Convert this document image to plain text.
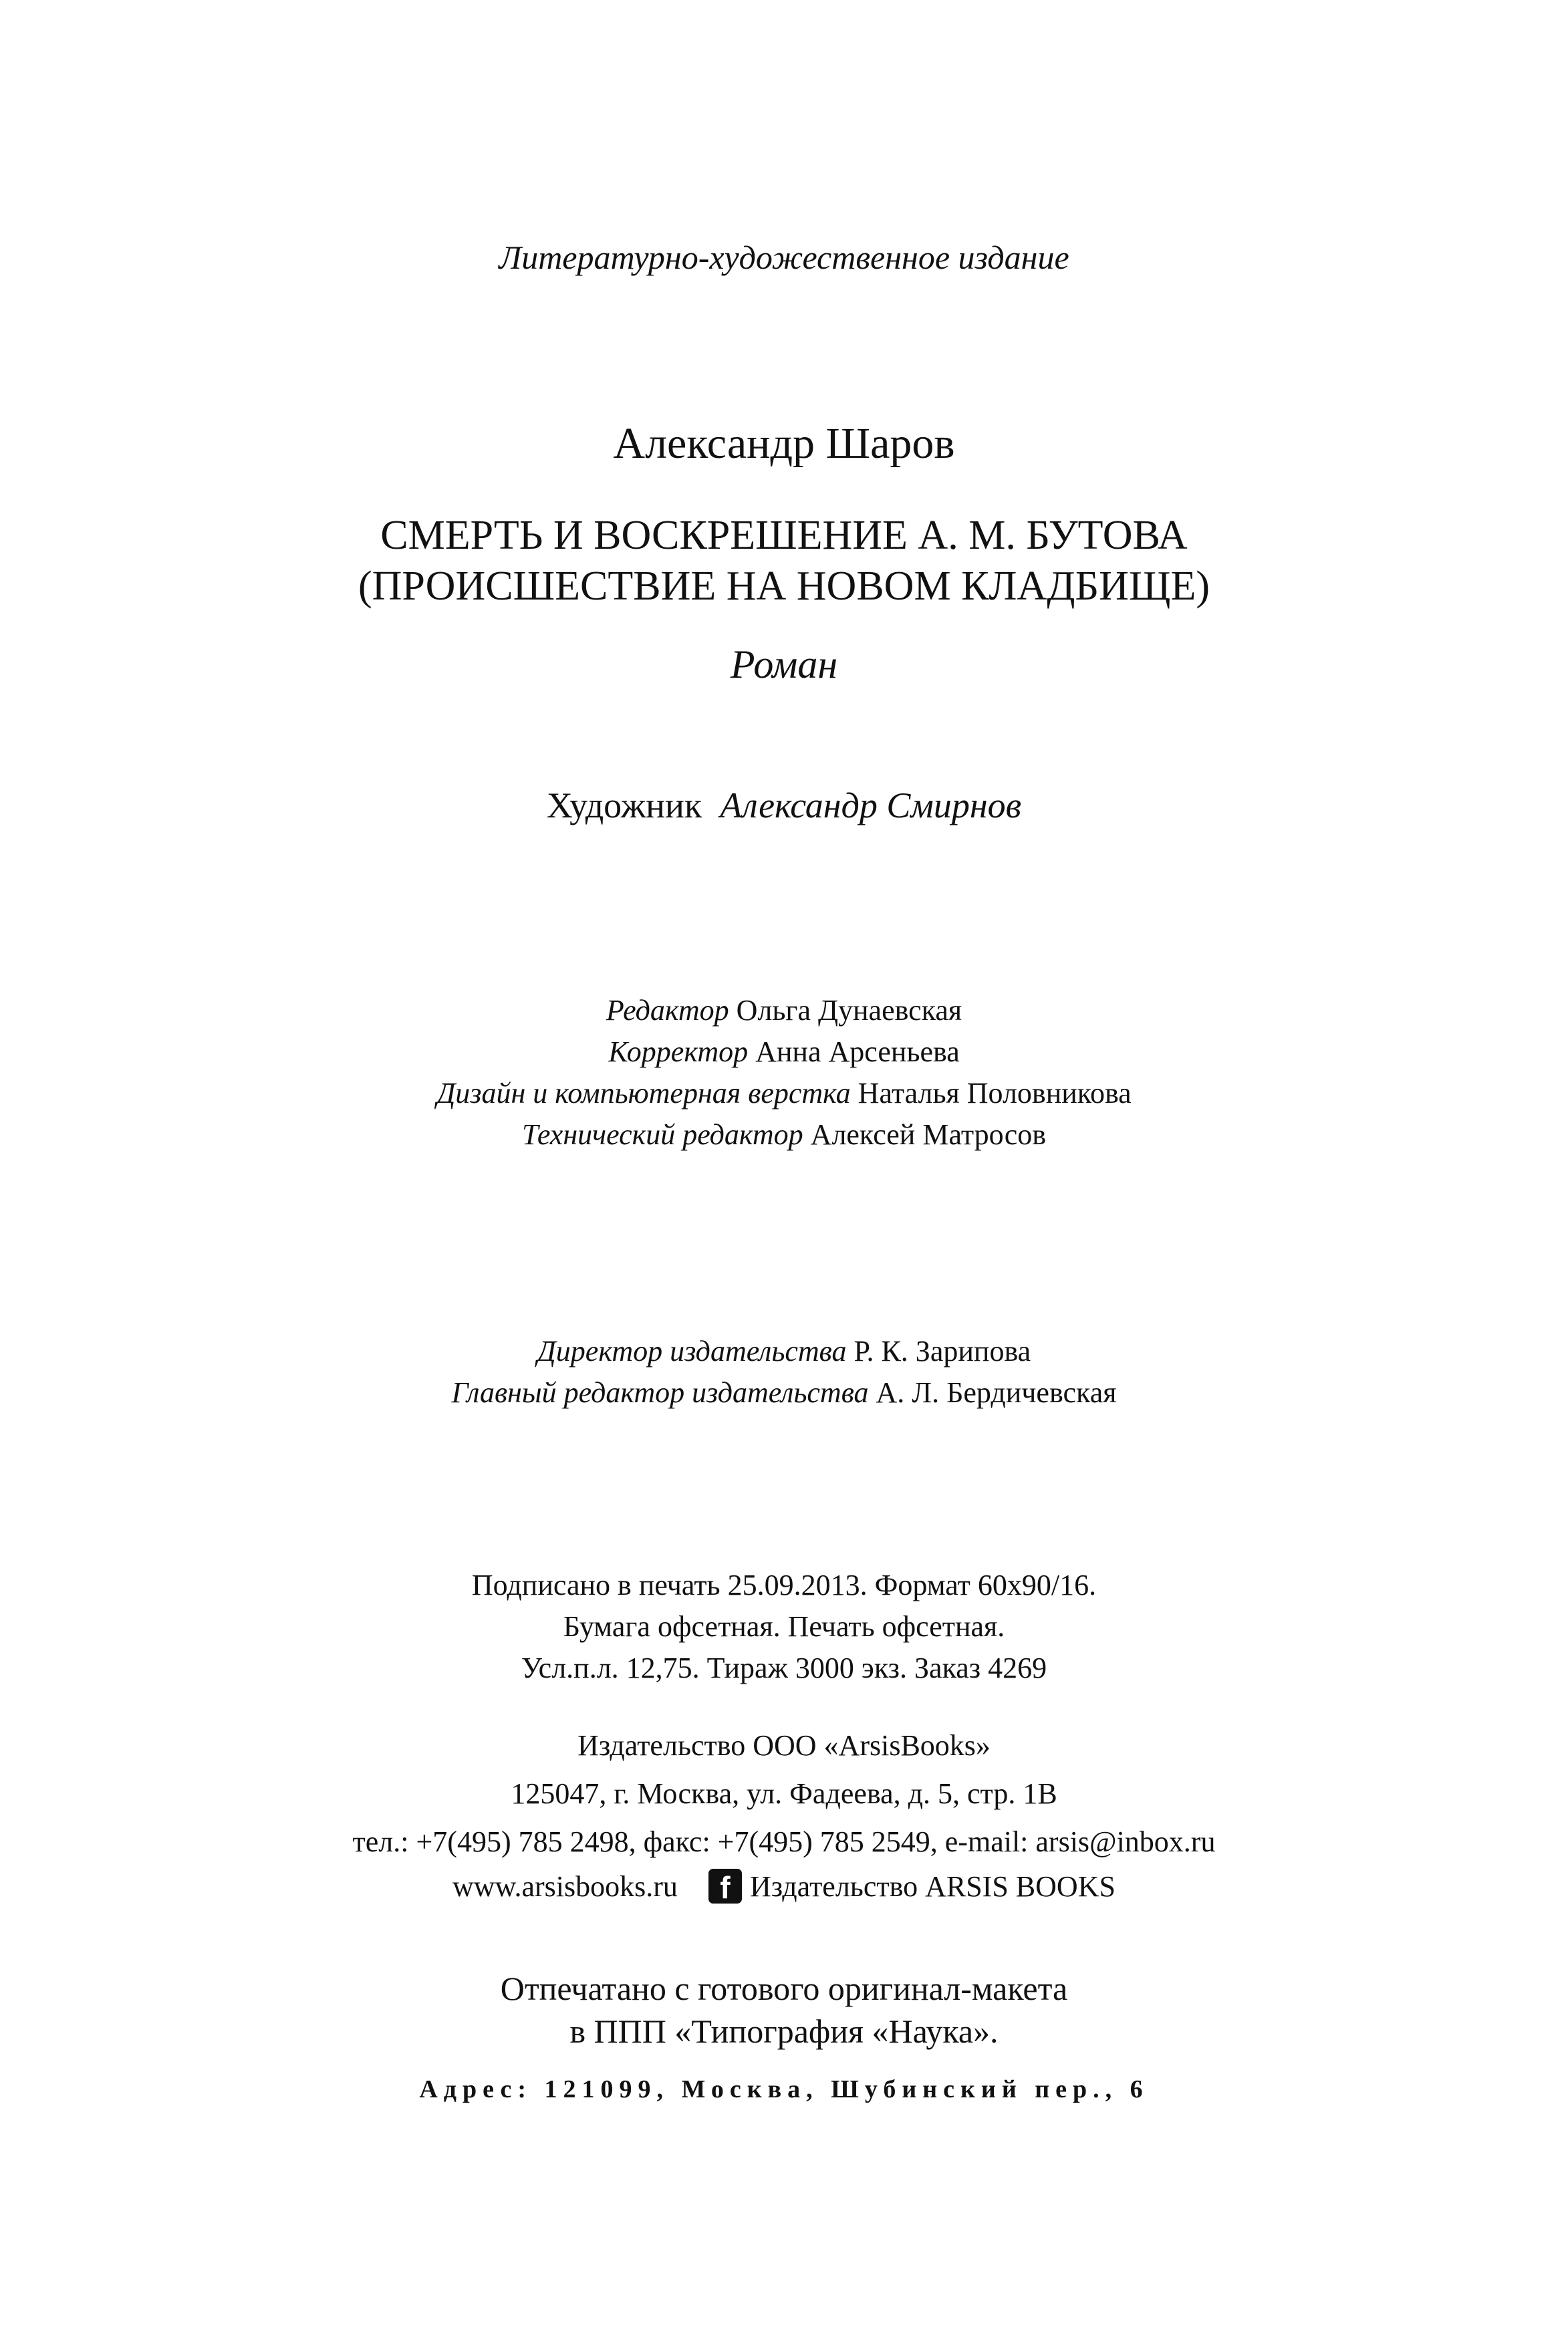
Литературно-художественное издание
Александр Шаров
СМЕРТЬ И ВОСКРЕШЕНИЕ А. М. БУТОВА
(ПРОИСШЕСТВИЕ НА НОВОМ КЛАДБИЩЕ)
Роман
Художник Александр Смирнов
Редактор Ольга Дунаевская
Корректор Анна Арсеньева
Дизайн и компьютерная верстка Наталья Половникова
Технический редактор Алексей Матросов
Директор издательства Р. К. Зарипова
Главный редактор издательства А. Л. Бердичевская
Подписано в печать 25.09.2013. Формат 60х90/16.
Бумага офсетная. Печать офсетная.
Усл.п.л. 12,75. Тираж 3000 экз. Заказ 4269
Издательство ООО «ArsisBooks»
125047, г. Москва, ул. Фадеева, д. 5, стр. 1В
тел.: +7(495) 785 2498, факс: +7(495) 785 2549, e-mail: arsis@inbox.ru
www.arsisbooks.ru	f Издательство ARSIS BOOKS
Отпечатано с готового оригинал-макета
в ППП «Типография «Наука».
Адрес: 121099, Москва, Шубинский пер., 6
